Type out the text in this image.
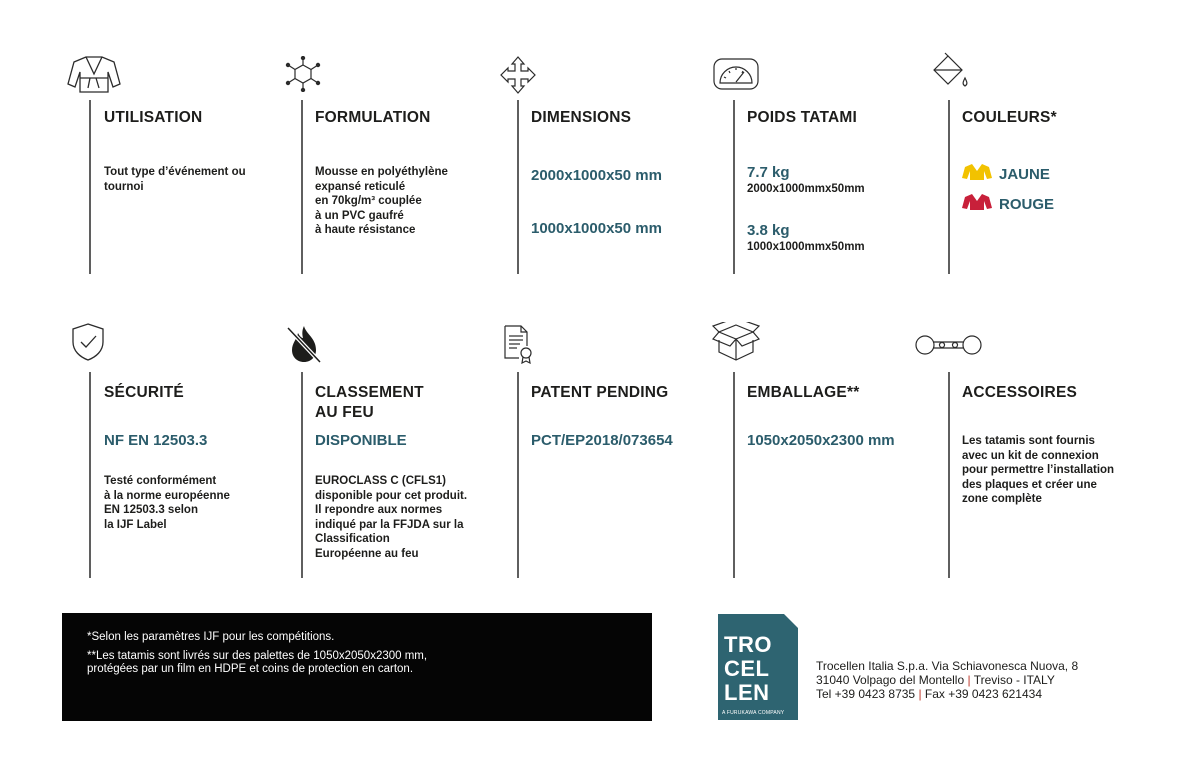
UTILISATION
Tout type d’événement ou
tournoi
FORMULATION
Mousse en polyéthylène
expansé reticulé
en 70kg/m³ couplée
à un PVC gaufré
à haute résistance
DIMENSIONS
2000x1000x50 mm
1000x1000x50 mm
POIDS TATAMI
7.7 kg
2000x1000mmx50mm
3.8 kg
1000x1000mmx50mm
COULEURS*
JAUNE
ROUGE
SÉCURITÉ
NF EN 12503.3
Testé conformément
à la norme européenne
EN 12503.3 selon
la IJF Label
CLASSEMENT
AU FEU
DISPONIBLE
EUROCLASS C (CFLS1)
disponible pour cet produit.
Il repondre aux normes
indiqué par la FFJDA sur la
Classification
Européenne au feu
PATENT PENDING
PCT/EP2018/073654
EMBALLAGE**
1050x2050x2300 mm
ACCESSOIRES
Les tatamis sont fournis
avec un kit de connexion
pour permettre l’installation
des plaques et créer une
zone complète

*Selon les paramètres IJF pour les compétitions.

**Les tatamis sont livrés sur des palettes de 1050x2050x2300 mm,
protégées par un film en HDPE et coins de protection en carton.

TRO
CEL
LEN
A FURUKAWA COMPANY
Trocellen Italia S.p.a. Via Schiavonesca Nuova, 8
31040 Volpago del Montello | Treviso - ITALY
Tel +39 0423 8735 | Fax +39 0423 621434
